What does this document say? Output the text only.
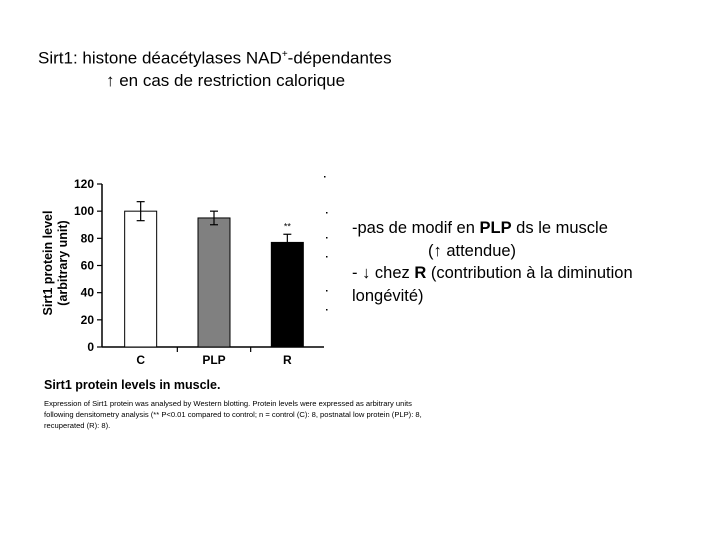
Sirt1: histone déacétylases NAD+-dépendantes
↑ en cas de restriction calorique
0
20
40
60
80
100
120
C	PLP	R
**
Sirt1 protein level (arbitrary unit)	-pas de modif en PLP ds le muscle
(↑ attendue)
- ↓ chez R (contribution à la diminution
longévité)
Sirt1 protein levels in muscle.
Expression of Sirt1 protein was analysed by Western blotting. Protein levels were expressed as arbitrary units following densitometry analysis (** P<0.01 compared to control; n = control (C): 8, postnatal low protein (PLP): 8, recuperated (R): 8).
